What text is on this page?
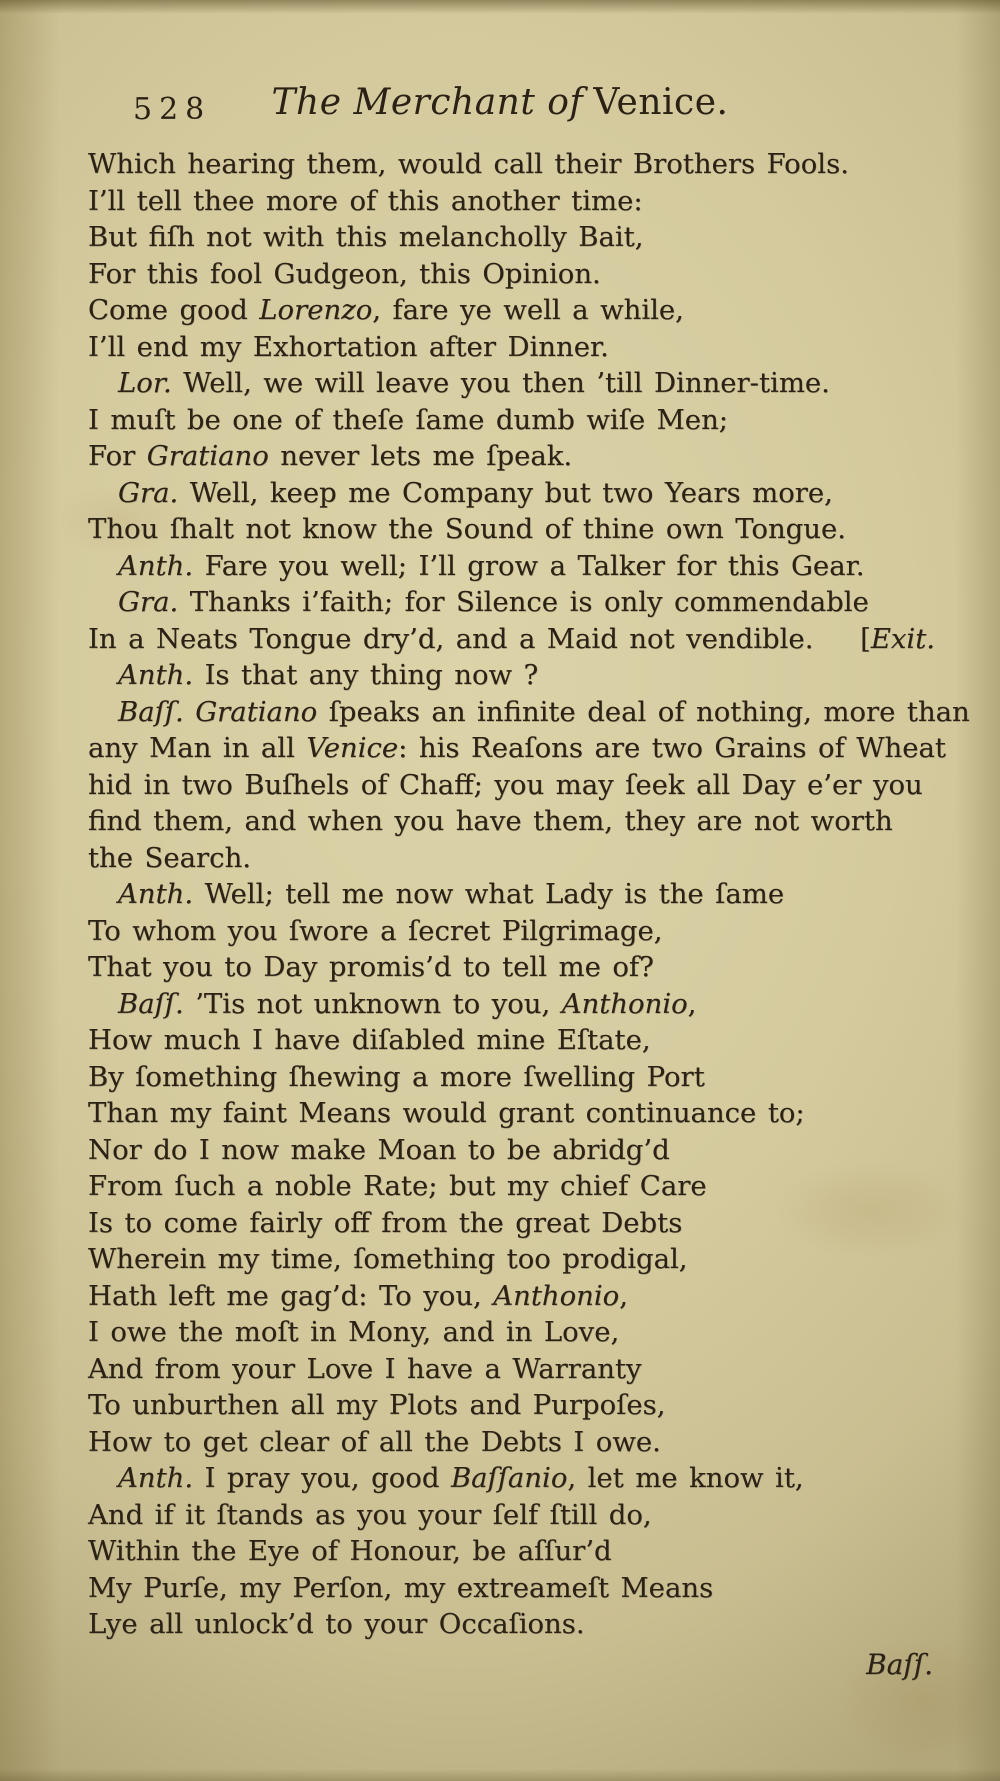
528	The Merchant of Venice.
Which hearing them, would call their Brothers Fools.
I’ll tell thee more of this another time:
But fiſh not with this melancholly Bait,
For this fool Gudgeon, this Opinion.
Come good Lorenzo, fare ye well a while,
I’ll end my Exhortation after Dinner.
Lor. Well, we will leave you then ’till Dinner-time.
I muſt be one of theſe ſame dumb wiſe Men;
For Gratiano never lets me ſpeak.
Gra. Well, keep me Company but two Years more,
Thou ſhalt not know the Sound of thine own Tongue.
Anth. Fare you well; I’ll grow a Talker for this Gear.
Gra. Thanks i’faith; for Silence is only commendable
In a Neats Tongue dry’d, and a Maid not vendible. [Exit.
Anth. Is that any thing now ?
Baſſ. Gratiano ſpeaks an infinite deal of nothing, more than
any Man in all Venice: his Reaſons are two Grains of Wheat
hid in two Buſhels of Chaff; you may ſeek all Day e’er you
find them, and when you have them, they are not worth
the Search.
Anth. Well; tell me now what Lady is the ſame
To whom you ſwore a ſecret Pilgrimage,
That you to Day promis’d to tell me of?
Baſſ. ’Tis not unknown to you, Anthonio,
How much I have diſabled mine Eſtate,
By ſomething ſhewing a more ſwelling Port
Than my faint Means would grant continuance to;
Nor do I now make Moan to be abridg’d
From ſuch a noble Rate; but my chief Care
Is to come fairly off from the great Debts
Wherein my time, ſomething too prodigal,
Hath left me gag’d: To you, Anthonio,
I owe the moſt in Mony, and in Love,
And from your Love I have a Warranty
To unburthen all my Plots and Purpoſes,
How to get clear of all the Debts I owe.
Anth. I pray you, good Baſſanio, let me know it,
And if it ſtands as you your ſelf ſtill do,
Within the Eye of Honour, be aſſur’d
My Purſe, my Perſon, my extreameſt Means
Lye all unlock’d to your Occaſions.
Baſſ.
